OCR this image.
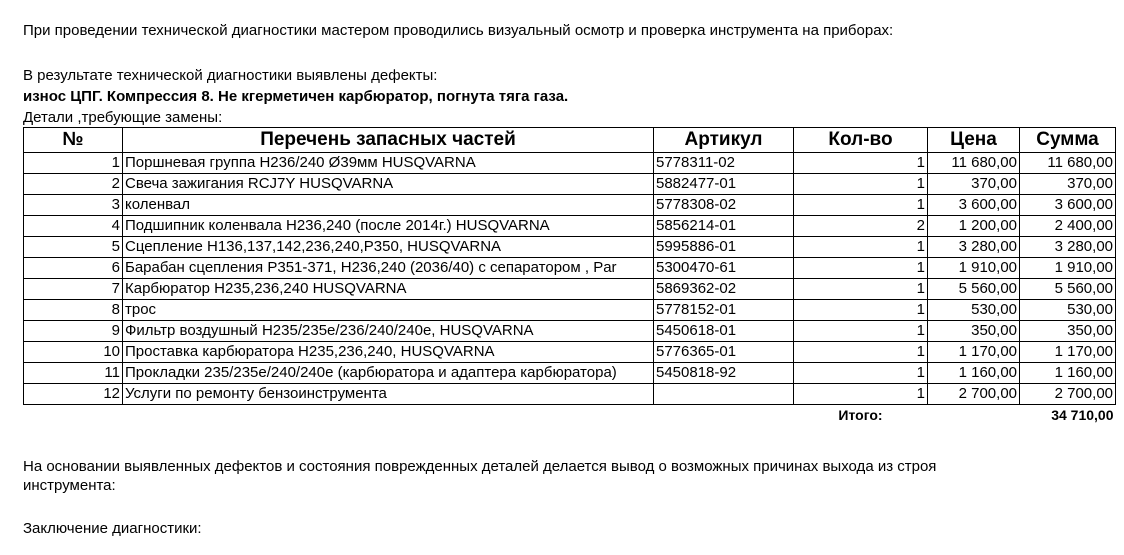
При проведении технической диагностики мастером проводились визуальный осмотр и проверка инструмента на приборах:
В результате технической диагностики выявлены дефекты:
износ ЦПГ. Компрессия 8. Не кгерметичен карбюратор, погнута тяга газа.
Детали ,требующие замены:
№	Перечень запасных частей	Артикул	Кол-во	Цена	Сумма
1	Поршневая группа Н236/240 Ø39мм HUSQVARNA	5778311-02	1	11 680,00	11 680,00
2	Свеча зажигания RCJ7Y HUSQVARNA	5882477-01	1	370,00	370,00
3	коленвал	5778308-02	1	3 600,00	3 600,00
4	Подшипник коленвала Н236,240 (после 2014г.) HUSQVARNA	5856214-01	2	1 200,00	2 400,00
5	Сцепление Н136,137,142,236,240,Р350, HUSQVARNA	5995886-01	1	3 280,00	3 280,00
6	Барабан сцепления Р351-371, Н236,240 (2036/40) с сепаратором , Par	5300470-61	1	1 910,00	1 910,00
7	Карбюратор Н235,236,240 HUSQVARNA	5869362-02	1	5 560,00	5 560,00
8	трос	5778152-01	1	530,00	530,00
9	Фильтр воздушный Н235/235е/236/240/240е, HUSQVARNA	5450618-01	1	350,00	350,00
10	Проставка карбюратора Н235,236,240, HUSQVARNA	5776365-01	1	1 170,00	1 170,00
11	Прокладки 235/235е/240/240е (карбюратора и адаптера карбюратора)	5450818-92	1	1 160,00	1 160,00
12	Услуги по ремонту бензоинструмента		1	2 700,00	2 700,00
			Итого:		34 710,00
На основании выявленных дефектов и состояния поврежденных деталей делается вывод о возможных причинах выхода из строя
инструмента:
Заключение диагностики:
